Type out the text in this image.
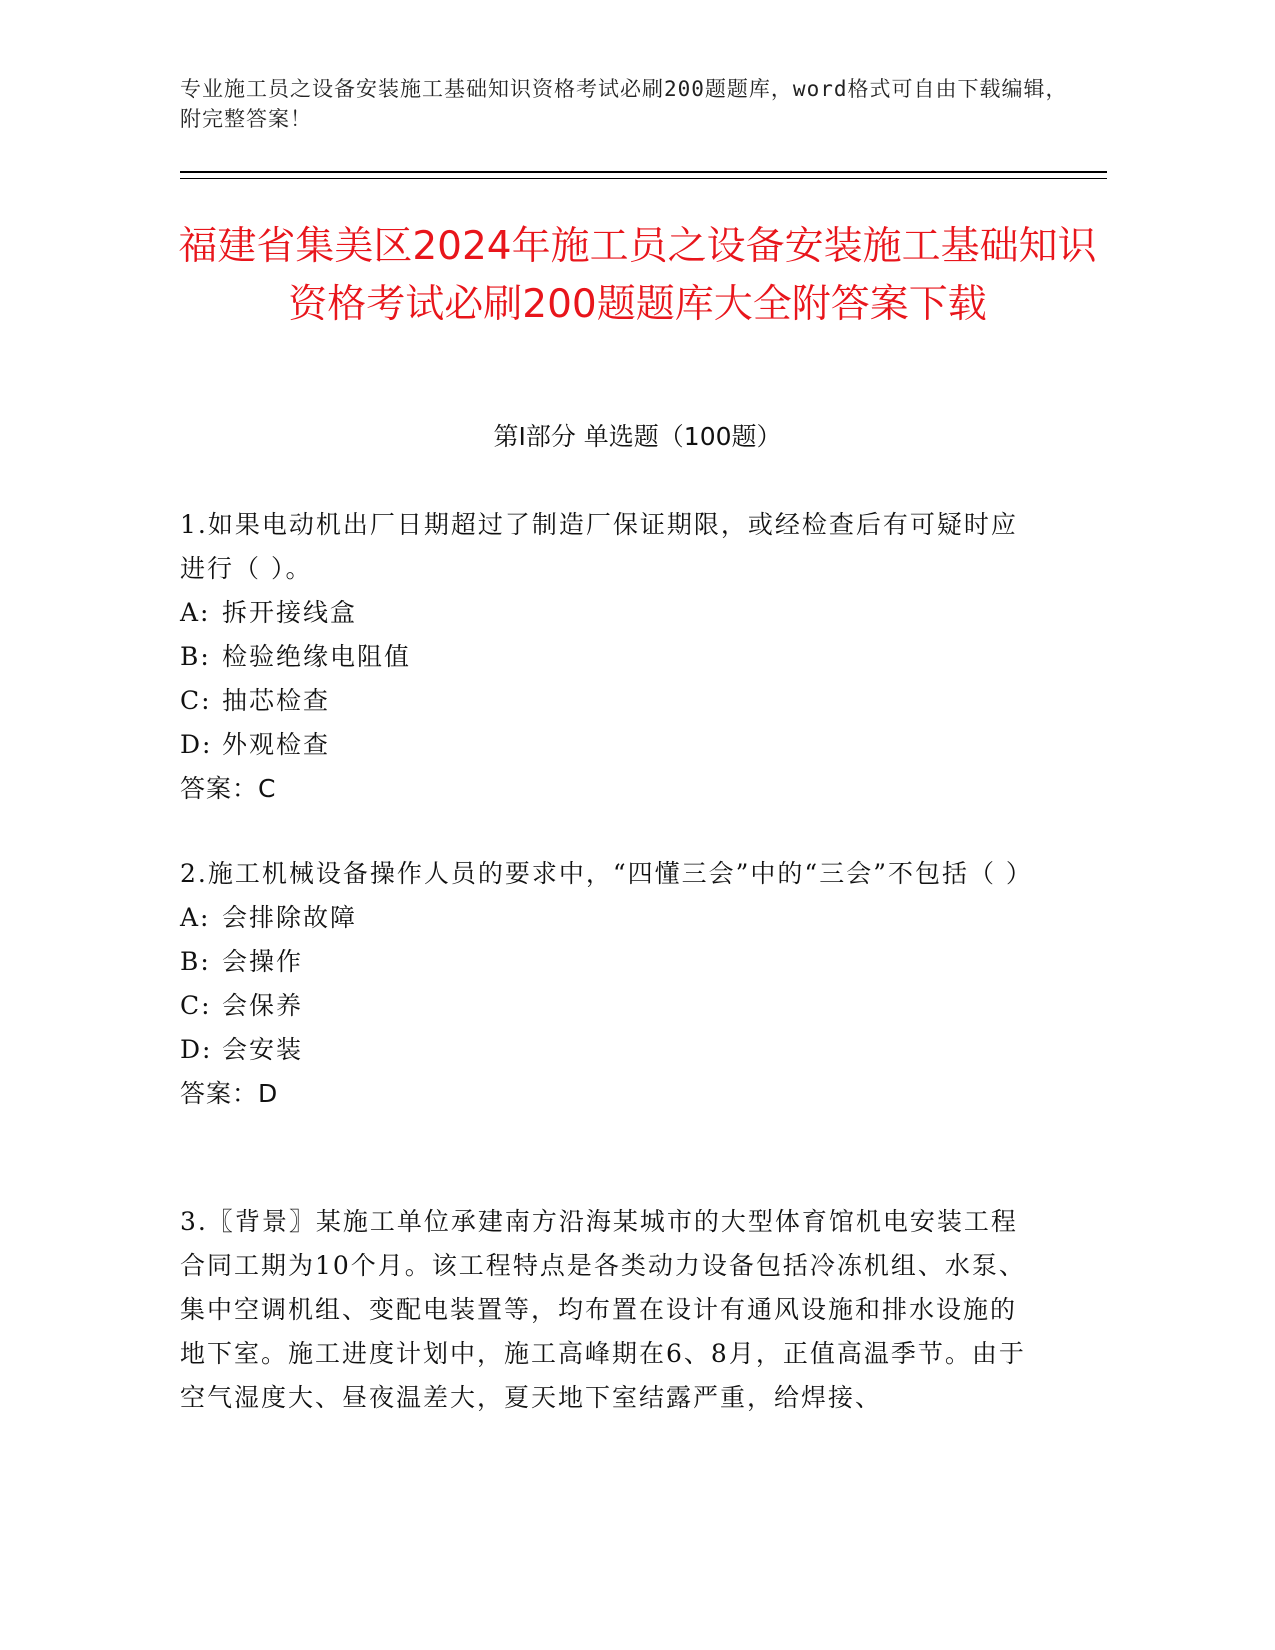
专业施工员之设备安装施工基础知识资格考试必刷200题题库，word格式可自由下载编辑，附完整答案！
福建省集美区2024年施工员之设备安装施工基础知识资格考试必刷200题题库大全附答案下载
第Ⅰ部分 单选题（100题）
1.如果电动机出厂日期超过了制造厂保证期限，或经检查后有可疑时应进行（ ）。
A: 拆开接线盒
B: 检验绝缘电阻值
C: 抽芯检查
D: 外观检查
答案：C
2.施工机械设备操作人员的要求中，“四懂三会”中的“三会”不包括（ ）
A: 会排除故障
B: 会操作
C: 会保养
D: 会安装
答案：D
3.〖背景〗某施工单位承建南方沿海某城市的大型体育馆机电安装工程合同工期为10个月。该工程特点是各类动力设备包括冷冻机组、水泵、集中空调机组、变配电装置等，均布置在设计有通风设施和排水设施的地下室。施工进度计划中，施工高峰期在6、8月，正值高温季节。由于空气湿度大、昼夜温差大，夏天地下室结露严重，给焊接、
